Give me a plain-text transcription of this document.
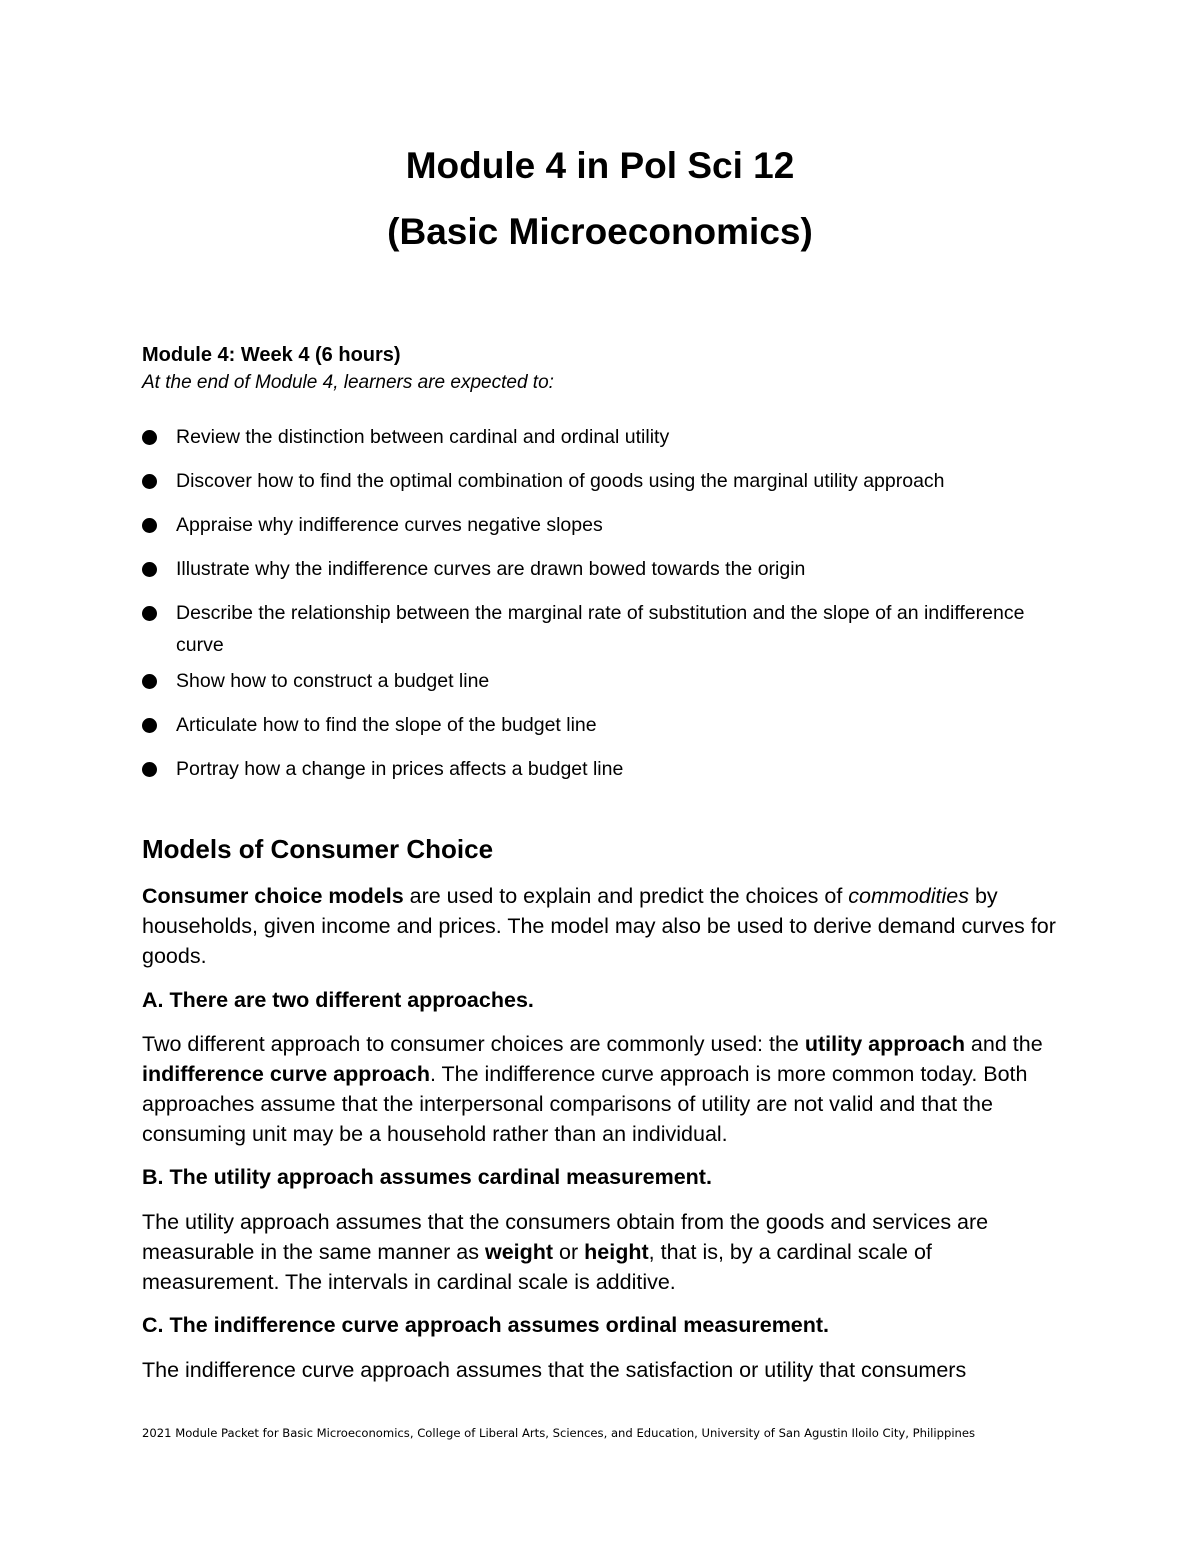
Module 4 in Pol Sci 12
(Basic Microeconomics)

Module 4: Week 4 (6 hours)

At the end of Module 4, learners are expected to:

Review the distinction between cardinal and ordinal utility
Discover how to find the optimal combination of goods using the marginal utility approach
Appraise why indifference curves negative slopes
Illustrate why the indifference curves are drawn bowed towards the origin
Describe the relationship between the marginal rate of substitution and the slope of an indifference curve
Show how to construct a budget line
Articulate how to find the slope of the budget line
Portray how a change in prices affects a budget line
Models of Consumer Choice

Consumer choice models are used to explain and predict the choices of commodities by households, given income and prices. The model may also be used to derive demand curves for goods.

A. There are two different approaches.

Two different approach to consumer choices are commonly used: the utility approach and the indifference curve approach. The indifference curve approach is more common today. Both approaches assume that the interpersonal comparisons of utility are not valid and that the consuming unit may be a household rather than an individual.

B. The utility approach assumes cardinal measurement.

The utility approach assumes that the consumers obtain from the goods and services are measurable in the same manner as weight or height, that is, by a cardinal scale of measurement. The intervals in cardinal scale is additive.

C. The indifference curve approach assumes ordinal measurement.

The indifference curve approach assumes that the satisfaction or utility that consumers

2021 Module Packet for Basic Microeconomics, College of Liberal Arts, Sciences, and Education, University of San Agustin Iloilo City, Philippines
